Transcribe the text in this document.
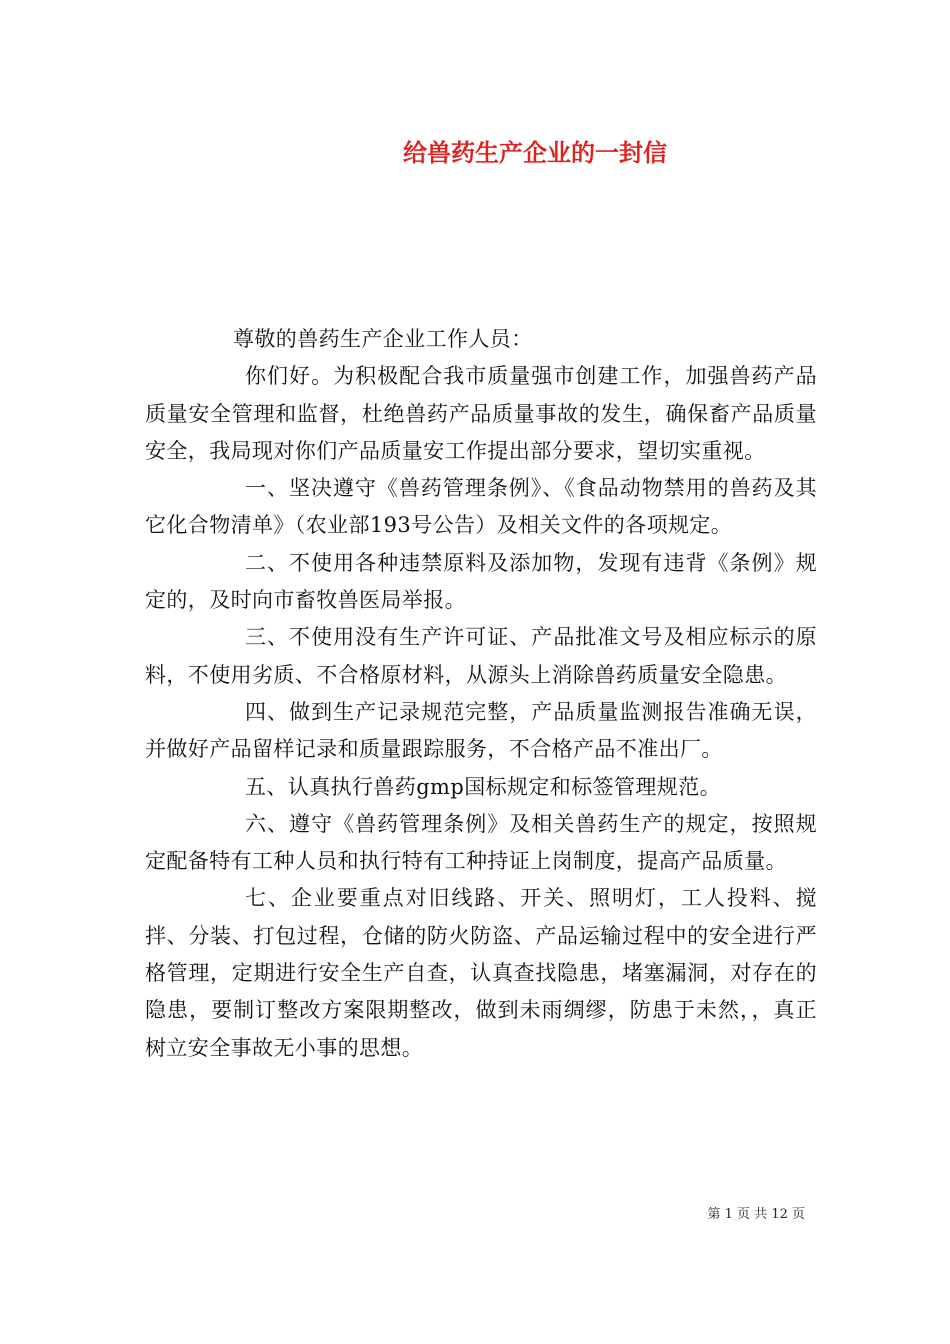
给兽药生产企业的一封信

尊敬的兽药生产企业工作人员：

你们好。为积极配合我市质量强市创建工作，加强兽药产品质量安全管理和监督，杜绝兽药产品质量事故的发生，确保畜产品质量安全，我局现对你们产品质量安工作提出部分要求，望切实重视。

一、坚决遵守《兽药管理条例》、《食品动物禁用的兽药及其它化合物清单》（农业部193号公告）及相关文件的各项规定。

二、不使用各种违禁原料及添加物，发现有违背《条例》规定的，及时向市畜牧兽医局举报。

三、不使用没有生产许可证、产品批准文号及相应标示的原料，不使用劣质、不合格原材料，从源头上消除兽药质量安全隐患。

四、做到生产记录规范完整，产品质量监测报告准确无误，并做好产品留样记录和质量跟踪服务，不合格产品不准出厂。

五、认真执行兽药gmp国标规定和标签管理规范。

六、遵守《兽药管理条例》及相关兽药生产的规定，按照规定配备特有工种人员和执行特有工种持证上岗制度，提高产品质量。

七、企业要重点对旧线路、开关、照明灯，工人投料、搅拌、分装、打包过程，仓储的防火防盗、产品运输过程中的安全进行严格管理，定期进行安全生产自查，认真查找隐患，堵塞漏洞，对存在的隐患，要制订整改方案限期整改，做到未雨绸缪，防患于未然，，真正树立安全事故无小事的思想。

第 1 页 共 12 页
